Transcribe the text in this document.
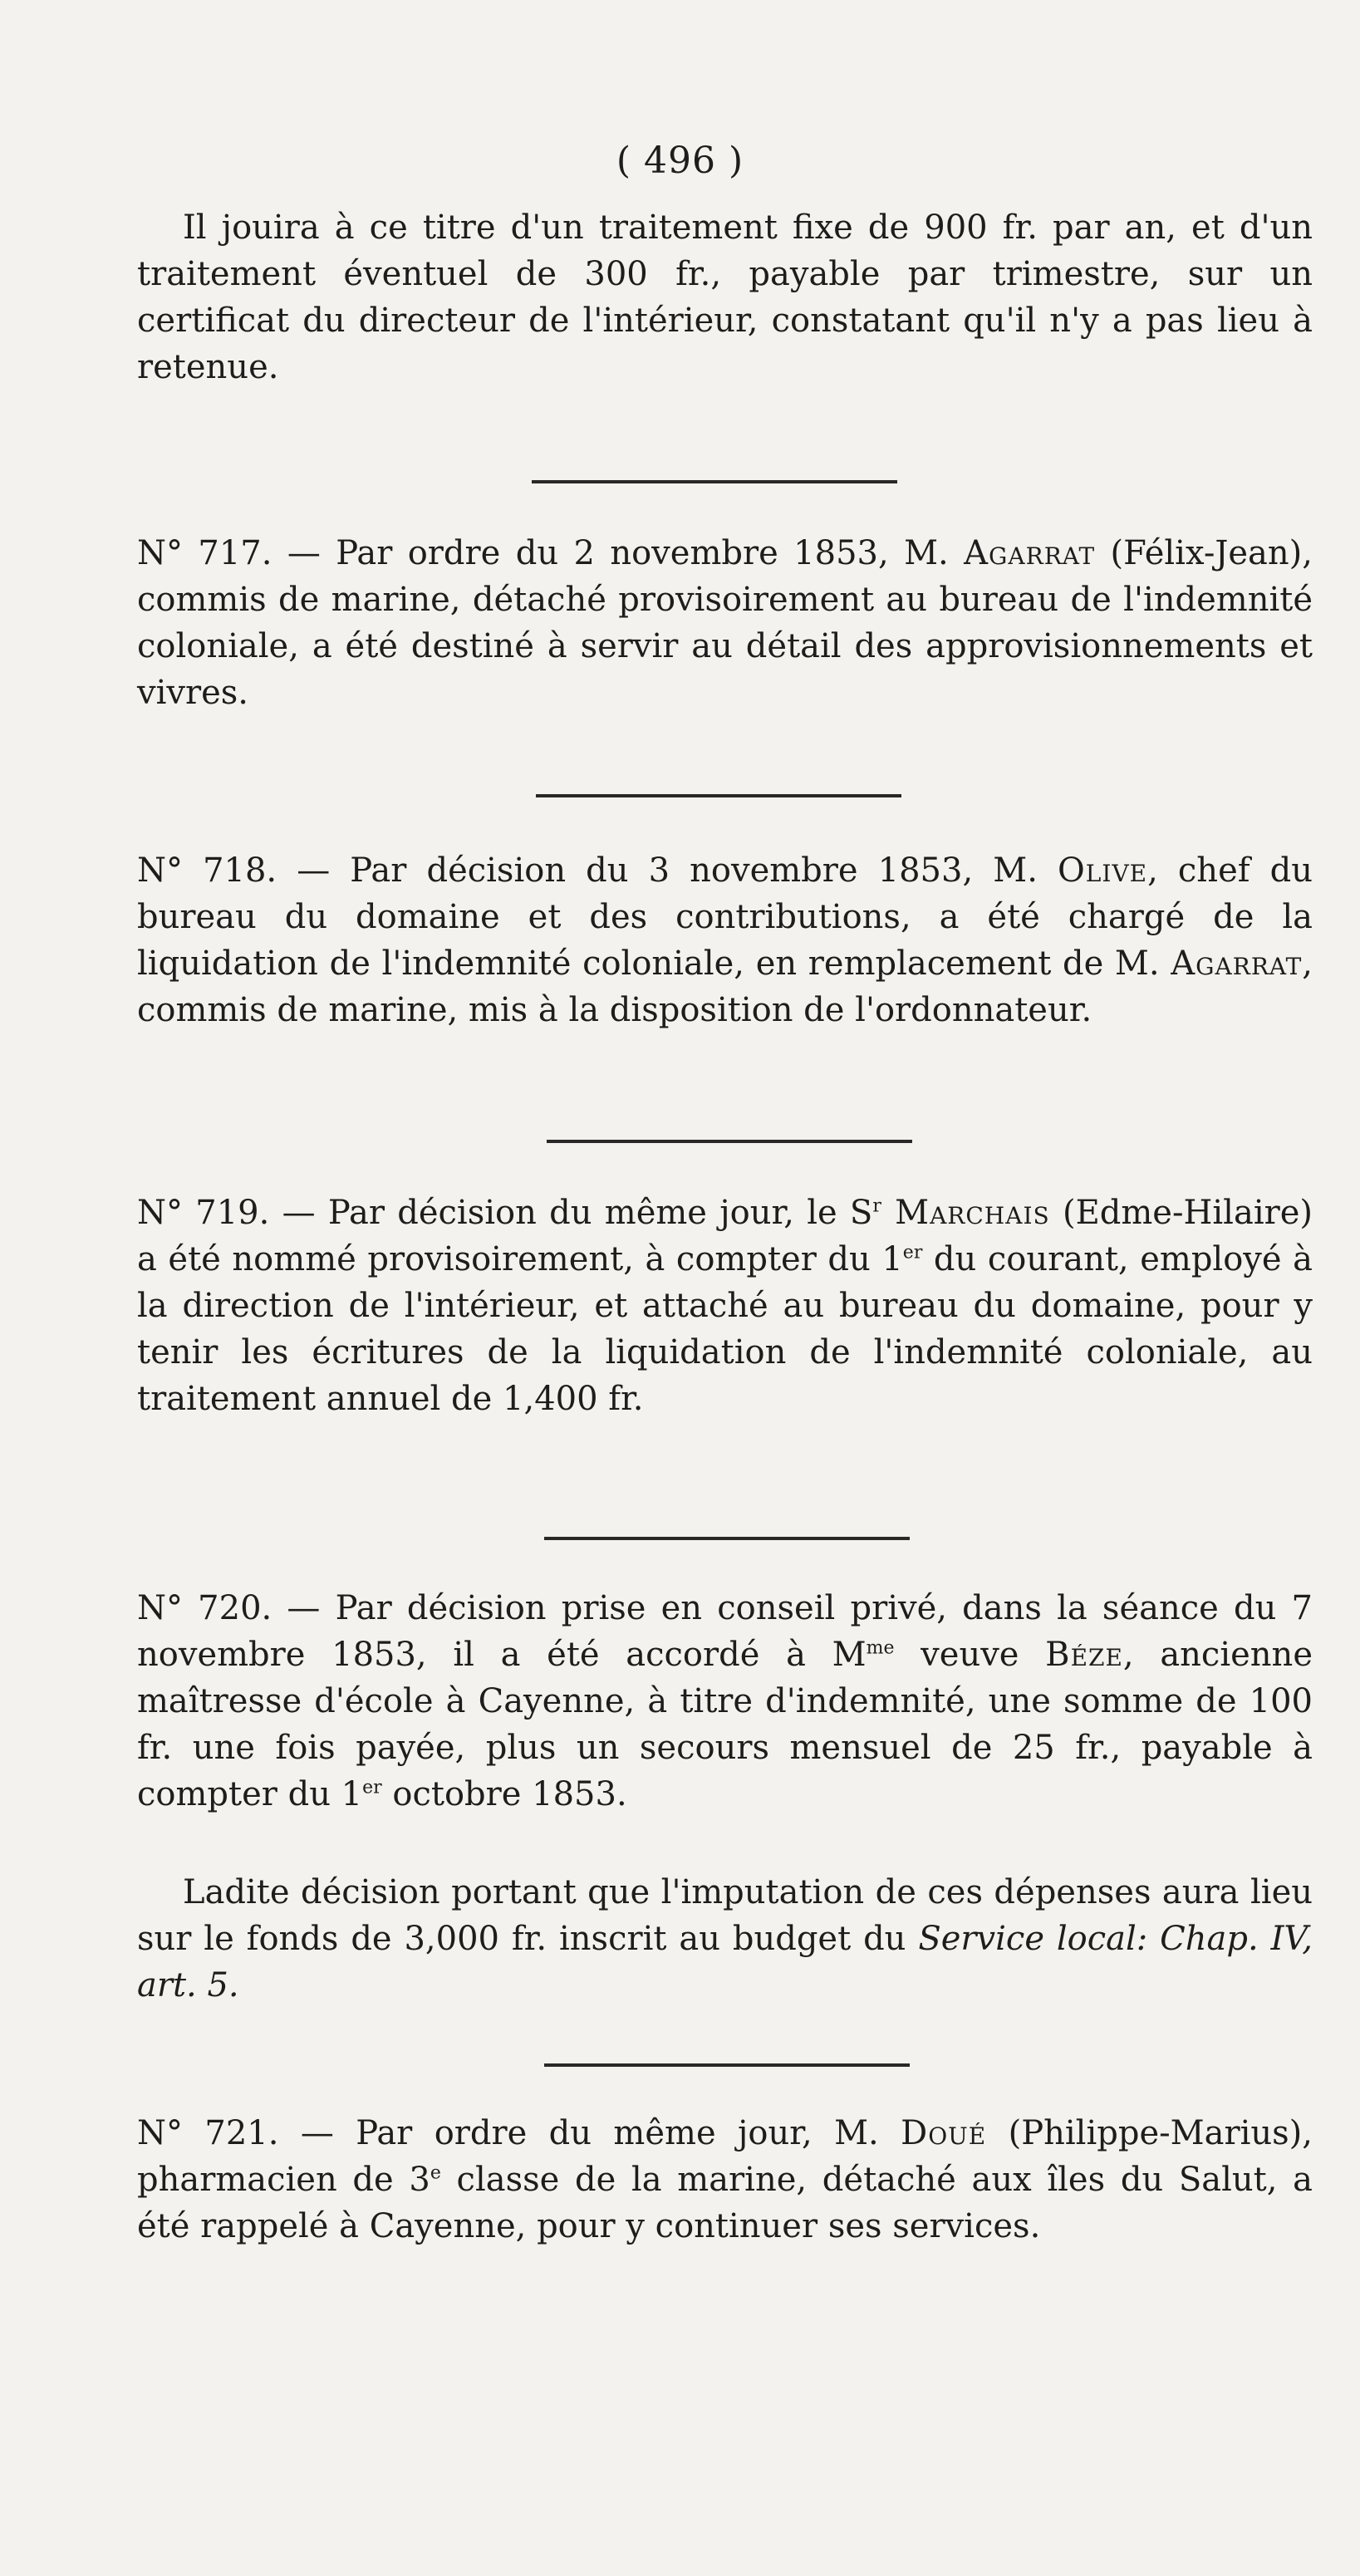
( 496 )
Il jouira à ce titre d'un traitement fixe de 900 fr. par an, et d'un traitement éventuel de 300 fr., payable par trimestre, sur un certificat du directeur de l'intérieur, constatant qu'il n'y a pas lieu à retenue.
N° 717. — Par ordre du 2 novembre 1853, M. Agarrat (Félix-Jean), commis de marine, détaché provisoirement au bureau de l'indemnité coloniale, a été destiné à servir au détail des approvisionnements et vivres.
N° 718. — Par décision du 3 novembre 1853, M. Olive, chef du bureau du domaine et des contributions, a été chargé de la liquidation de l'indemnité coloniale, en remplacement de M. Agarrat, commis de marine, mis à la disposition de l'ordonnateur.
N° 719. — Par décision du même jour, le $S^r$ Marchais (Edme-Hilaire) a été nommé provisoirement, à compter du 1er du courant, employé à la direction de l'intérieur, et attaché au bureau du domaine, pour y tenir les écritures de la liquidation de l'indemnité coloniale, au traitement annuel de 1,400 fr.
N° 720. — Par décision prise en conseil privé, dans la séance du 7 novembre 1853, il a été accordé à $M^{me}$ veuve Béze, ancienne maîtresse d'école à Cayenne, à titre d'indemnité, une somme de 100 fr. une fois payée, plus un secours mensuel de 25 fr., payable à compter du 1er octobre 1853.
Ladite décision portant que l'imputation de ces dépenses aura lieu sur le fonds de 3,000 fr. inscrit au budget du Service local: Chap. IV, art. 5.
N° 721. — Par ordre du même jour, M. Doué (Philippe-Marius), pharmacien de 3e classe de la marine, détaché aux îles du Salut, a été rappelé à Cayenne, pour y continuer ses services.
